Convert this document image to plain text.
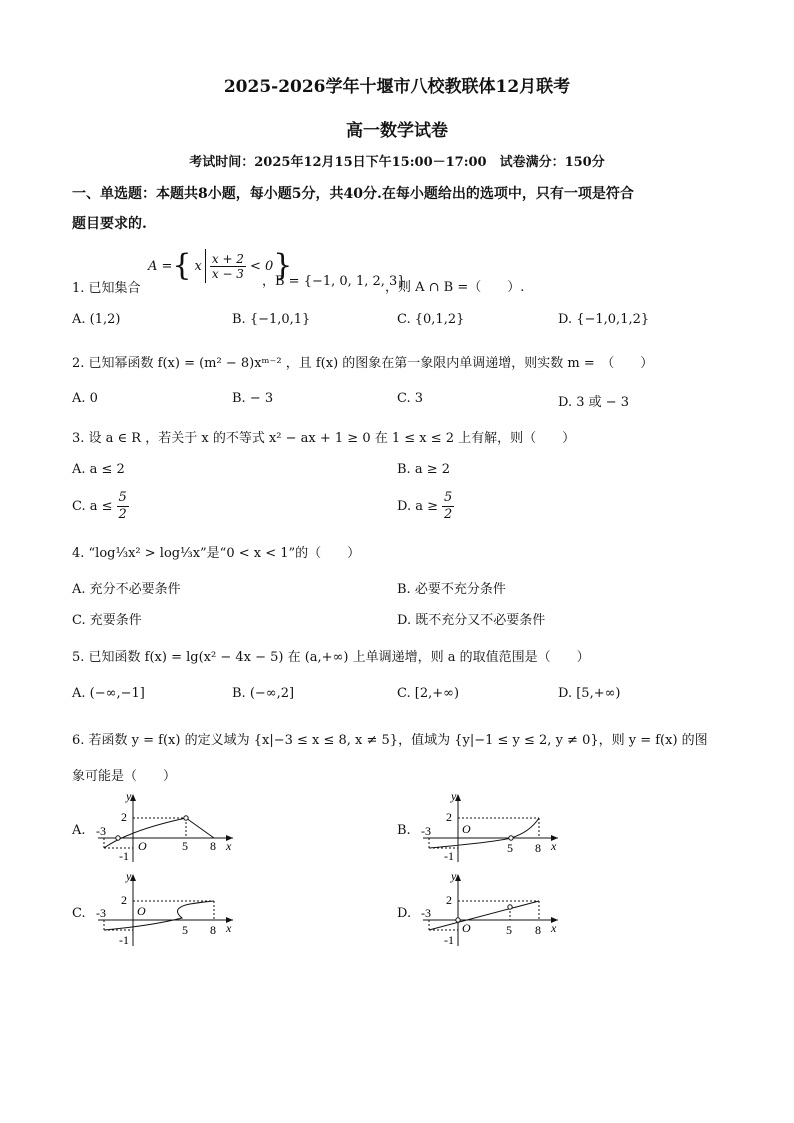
2025-2026学年十堰市八校教联体12月联考
高一数学试卷
考试时间：2025年12月15日下午15:00－17:00　试卷满分：150分
一、单选题：本题共8小题，每小题5分，共40分.在每小题给出的选项中，只有一项是符合
题目要求的.
1. 已知集合
A = { x $\frac{x + 2}{x - 3} < 0$ }
，B = {−1, 0, 1, 2, 3}
，则 A ∩ B =（　　）.
A. (1,2)	B. {−1,0,1}	C. {0,1,2}	D. {−1,0,1,2}
2. 已知幂函数 f(x) = (m² − 8)xᵐ⁻² ，且 f(x) 的图象在第一象限内单调递增，则实数 m =　（　　）
A. 0	B. − 3	C. 3	D. 3 或 − 3
3. 设 a ∈ R ，若关于 x 的不等式 x² − ax + 1 ≥ 0 在 1 ≤ x ≤ 2 上有解，则（　　）
A. a ≤ 2	B. a ≥ 2
C. $a \le \frac{5}{2}$	D. $a \ge \frac{5}{2}$
4. “log⅓x² > log⅓x”是“0 < x < 1”的（　　）
A. 充分不必要条件	B. 必要不充分条件
C. 充要条件	D. 既不充分又不必要条件
5. 已知函数 f(x) = lg(x² − 4x − 5) 在 (a,+∞) 上单调递增，则 a 的取值范围是（　　）
A. (−∞,−1]	B. (−∞,2]	C. [2,+∞)	D. [5,+∞)
6. 若函数 y = f(x) 的定义域为 {x|−3 ≤ x ≤ 8, x ≠ 5}，值域为 {y|−1 ≤ y ≤ 2, y ≠ 0}，则 y = f(x) 的图
象可能是（　　）
A.
y
x
O
-3
2
-1
5 8
B.
y
x
O
-3
2
-1
5 8
C.
y
x
O
-3
2
-1
5 8
D.
y
x
O
-3
2
-1
5 8
